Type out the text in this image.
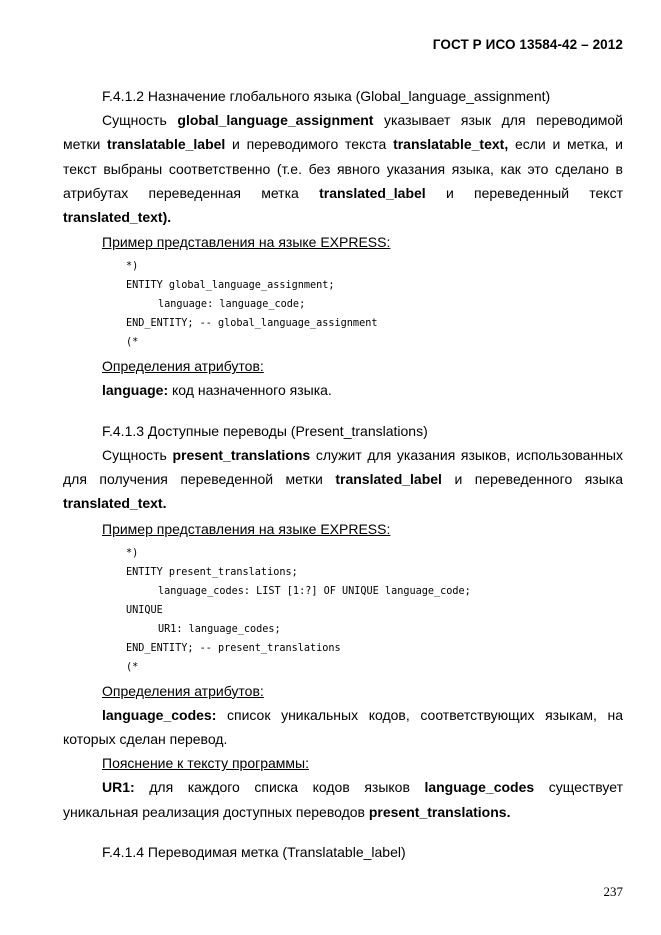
ГОСТ Р ИСО 13584-42 – 2012

F.4.1.2 Назначение глобального языка (Global_language_assignment)

Сущность global_language_assignment указывает язык для переводимой метки translatable_label и переводимого текста translatable_text, если и метка, и текст выбраны соответственно (т.е. без явного указания языка, как это сделано в атрибутах переведенная метка translated_label и переведенный текст translated_text).

Пример представления на языке EXPRESS:

*)

ENTITY global_language_assignment;

language: language_code;

END_ENTITY; -- global_language_assignment

(*

Определения атрибутов:

language: код назначенного языка.

F.4.1.3 Доступные переводы (Present_translations)

Сущность present_translations служит для указания языков, использованных для получения переведенной метки translated_label и переведенного языка translated_text.

Пример представления на языке EXPRESS:

*)

ENTITY present_translations;

language_codes: LIST [1:?] OF UNIQUE language_code;

UNIQUE

UR1: language_codes;

END_ENTITY; -- present_translations

(*

Определения атрибутов:

language_codes: список уникальных кодов, соответствующих языкам, на которых сделан перевод.

Пояснение к тексту программы:

UR1: для каждого списка кодов языков language_codes существует уникальная реализация доступных переводов present_translations.

F.4.1.4 Переводимая метка (Translatable_label)

237
